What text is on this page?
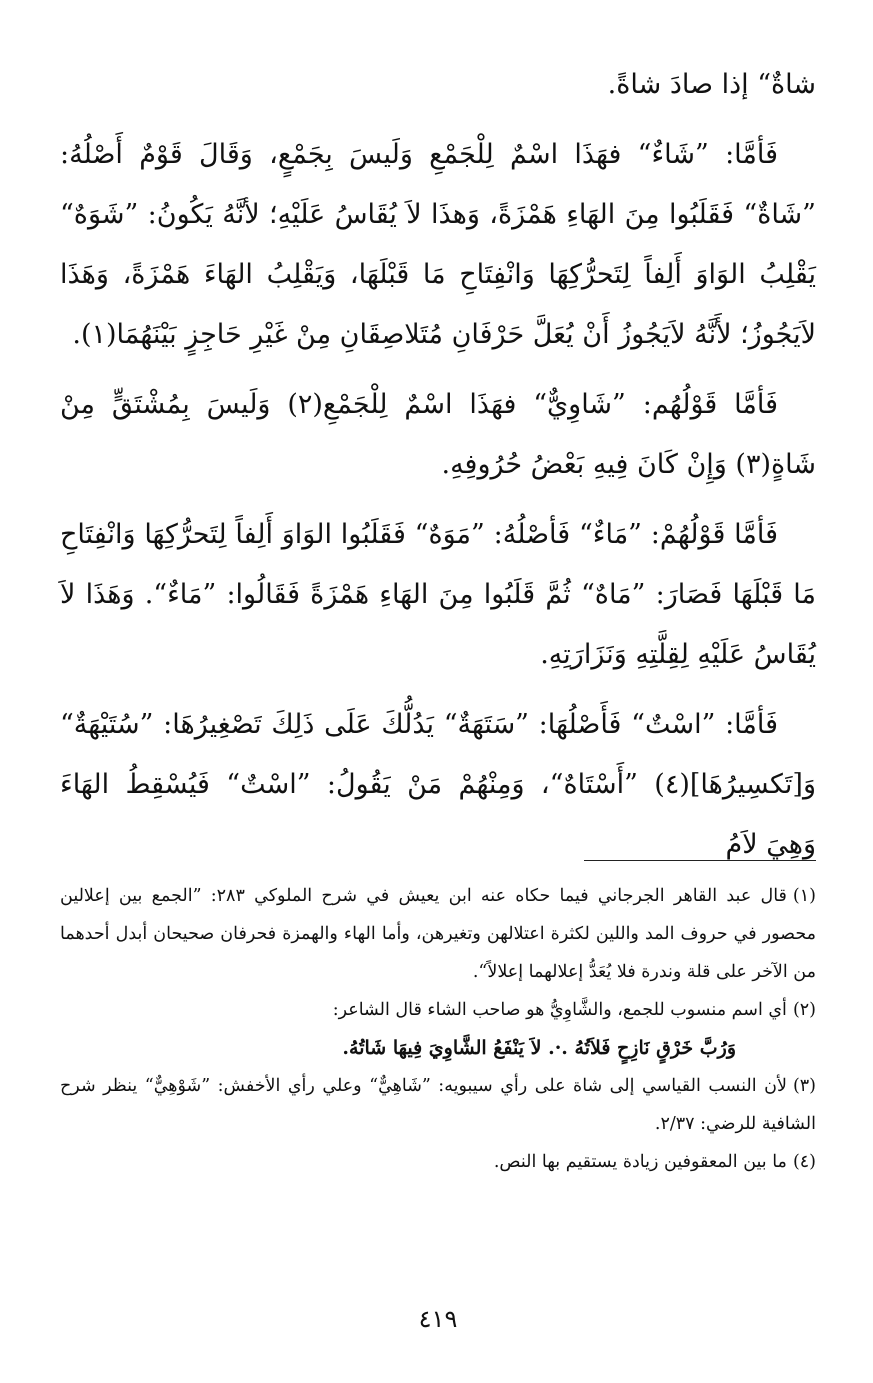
شاةٌ“ إذا صادَ شاةً.

فَأمَّا: ”شَاءٌ“ فهَذَا اسْمٌ لِلْجَمْعِ وَلَيسَ بِجَمْعٍ، وَقَالَ قَوْمٌ أَصْلُهُ: ”شَاةٌ“ فَقَلَبُوا مِنَ الهَاءِ هَمْزَةً، وَهذَا لاَ يُقَاسُ عَلَيْهِ؛ لأنَّهُ يَكُونُ: ”شَوَهٌ“ يَقْلِبُ الوَاوَ أَلِفاً لِتَحرُّكِهَا وَانْفِتَاحِ مَا قَبْلَهَا، وَيَقْلِبُ الهَاءَ هَمْزَةً، وَهَذَا لاَيَجُوزُ؛ لأَنَّهُ لاَيَجُوزُ أَنْ يُعَلَّ حَرْفَانِ مُتَلاصِقَانِ مِنْ غَيْرِ حَاجِزٍ بَيْنَهُمَا(١).

فَأمَّا قَوْلُهُم: ”شَاوِيٌّ“ فهَذَا اسْمٌ لِلْجَمْعِ(٢) وَلَيسَ بِمُشْتَقٍّ مِنْ شَاةٍ(٣) وَإِنْ كَانَ فِيهِ بَعْضُ حُرُوفِهِ.

فَأمَّا قَوْلُهُمْ: ”مَاءٌ“ فَأصْلُهُ: ”مَوَهٌ“ فَقَلَبُوا الوَاوَ أَلِفاً لِتَحرُّكِهَا وَانْفِتَاحِ مَا قَبْلَهَا فَصَارَ: ”مَاهٌ“ ثُمَّ قَلَبُوا مِنَ الهَاءِ هَمْزَةً فَقَالُوا: ”مَاءٌ“. وَهَذَا لاَ يُقَاسُ عَلَيْهِ لِقِلَّتِهِ وَنَزَارَتِهِ.

فَأمَّا: ”اسْتٌ“ فَأَصْلُهَا: ”سَتَهَةٌ“ يَدُلُّكَ عَلَى ذَلِكَ تَصْغِيرُهَا: ”سُتَيْهَةٌ“ وَ[تَكسِيرُهَا](٤) ”أَسْتَاهٌ“، وَمِنْهُمْ مَنْ يَقُولُ: ”اسْتٌ“ فَيُسْقِطُ الهَاءَ وَهِيَ لاَمُ

(١)قال عبد القاهر الجرجاني فيما حكاه عنه ابن يعيش في شرح الملوكي ٢٨٣: ”الجمع بين إعلالين محصور في حروف المد واللين لكثرة اعتلالهن وتغيرهن، وأما الهاء والهمزة فحرفان صحيحان أبدل أحدهما من الآخر على قلة وندرة فلا يُعَدُّ إعلالهما إعلالاً“.

(٢)أي اسم منسوب للجمع، والشَّاوِيُّ هو صاحب الشاء قال الشاعر:

وَرُبَّ خَرْقٍ نَازِحٍ فَلاَتُهُ .·. لاَ يَنْفَعُ الشَّاوِيَ فِيهَا شَاتُهُ.

(٣)لأن النسب القياسي إلى شاة على رأي سيبويه: ”شَاهِيٌّ“ وعلي رأي الأخفش: ”شَوْهِيٌّ“ ينظر شرح الشافية للرضي: ٢/٣٧.

(٤)ما بين المعقوفين زيادة يستقيم بها النص.

٤١٩
